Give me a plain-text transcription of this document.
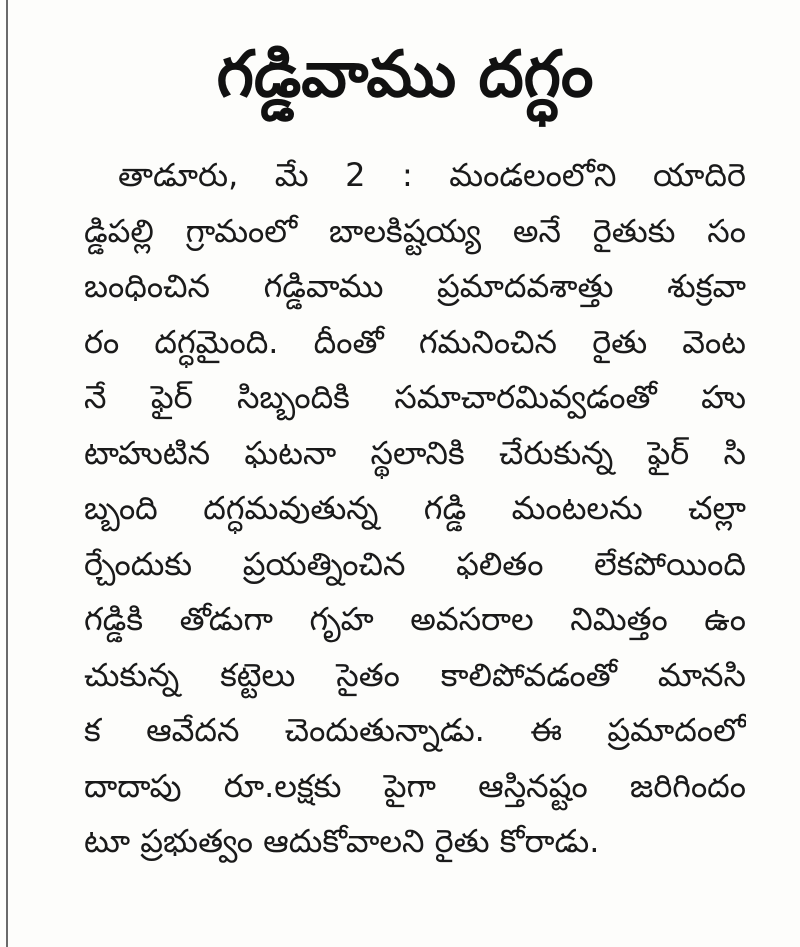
గడ్డివాము దగ్ధం
తాడూరు, మే 2 : మండలంలోని యాదిరె
డ్డిపల్లి గ్రామంలో బాలకిష్టయ్య అనే రైతుకు సం
బంధించిన గడ్డివాము ప్రమాదవశాత్తు శుక్రవా
రం దగ్ధమైంది. దీంతో గమనించిన రైతు వెంట
నే ఫైర్ సిబ్బందికి సమాచారమివ్వడంతో హు
టాహుటిన ఘటనా స్థలానికి చేరుకున్న ఫైర్ సి
బ్బంది దగ్ధమవుతున్న గడ్డి మంటలను చల్లా
ర్చేందుకు ప్రయత్నించిన ఫలితం లేకపోయింది
గడ్డికి తోడుగా గృహ అవసరాల నిమిత్తం ఉం
చుకున్న కట్టెలు సైతం కాలిపోవడంతో మానసి
క ఆవేదన చెందుతున్నాడు. ఈ ప్రమాదంలో
దాదాపు రూ.లక్షకు పైగా ఆస్తినష్టం జరిగిందం
టూ ప్రభుత్వం ఆదుకోవాలని రైతు కోరాడు.
